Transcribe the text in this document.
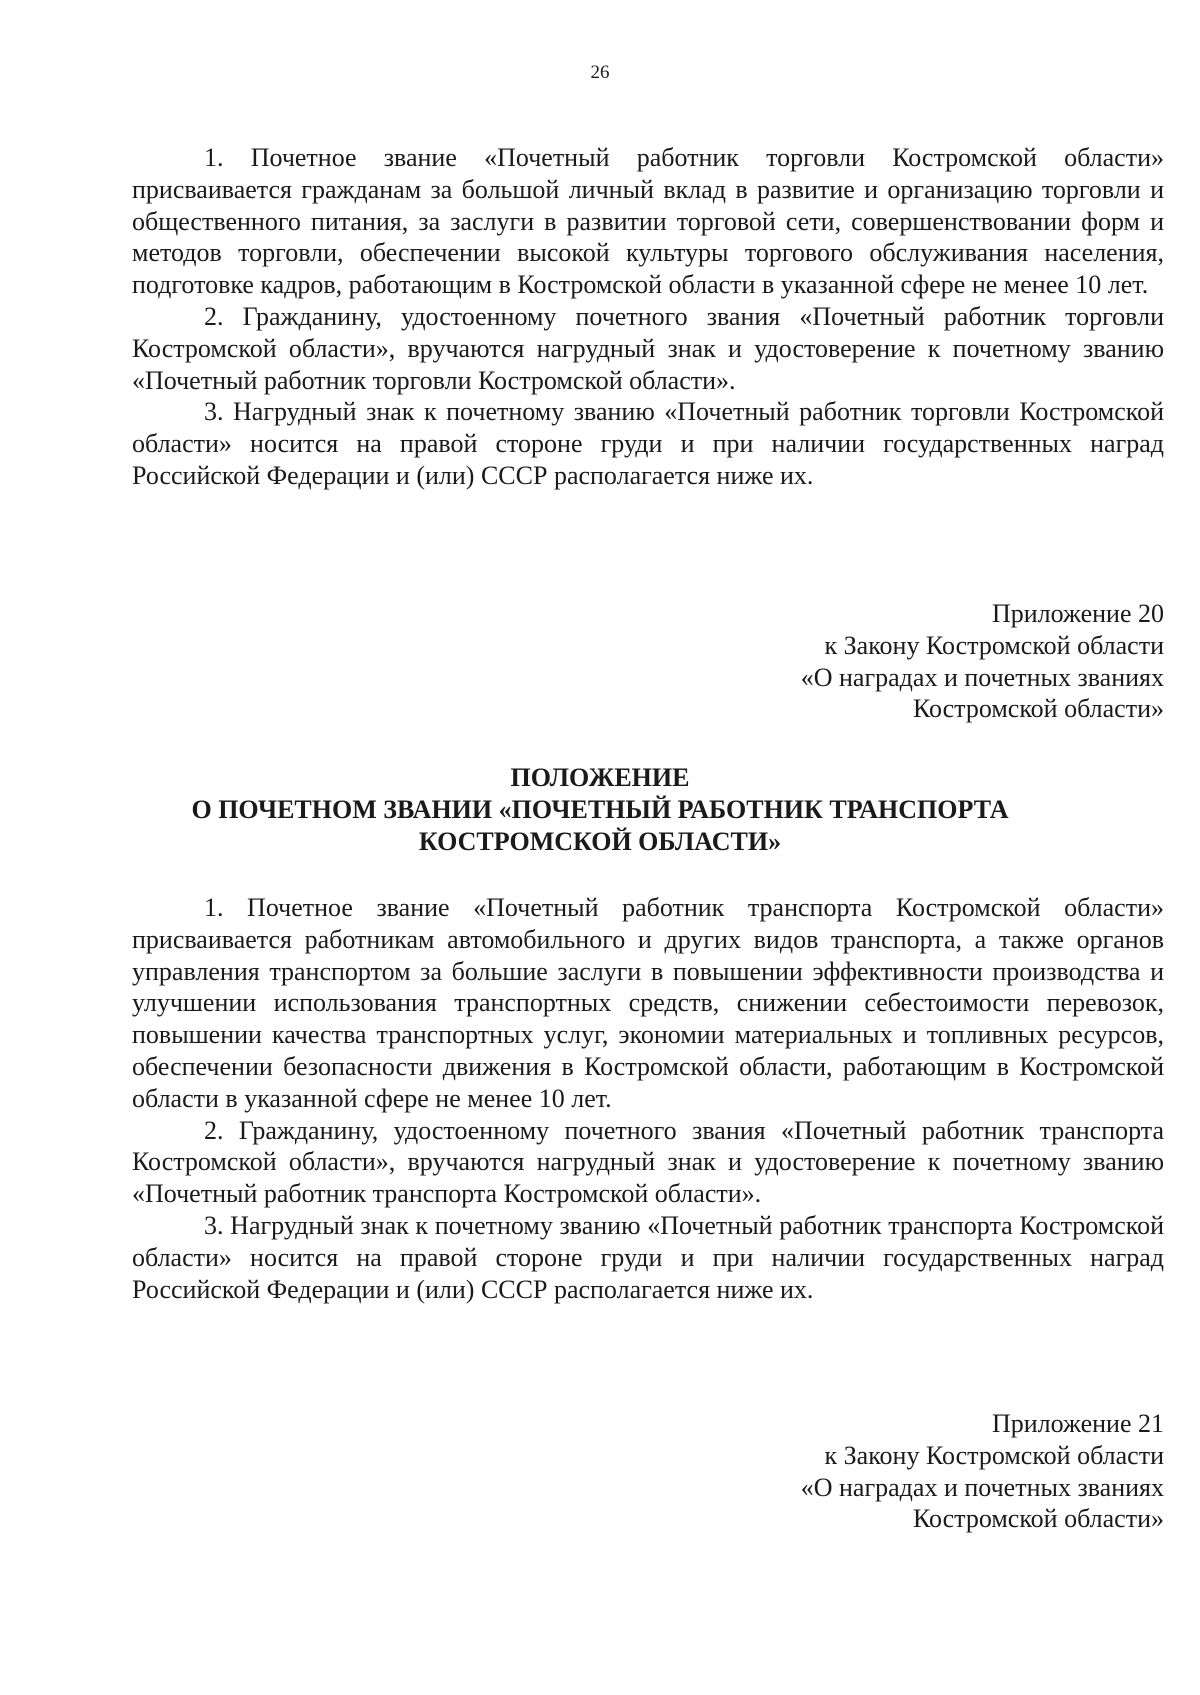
26

1. Почетное звание «Почетный работник торговли Костромской области» присваивается гражданам за большой личный вклад в развитие и организацию торговли и общественного питания, за заслуги в развитии торговой сети, совершенствовании форм и методов торговли, обеспечении высокой культуры торгового обслуживания населения, подготовке кадров, работающим в Костромской области в указанной сфере не менее 10 лет.

2. Гражданину, удостоенному почетного звания «Почетный работник торговли Костромской области», вручаются нагрудный знак и удостоверение к почетному званию «Почетный работник торговли Костромской области».

3. Нагрудный знак к почетному званию «Почетный работник торговли Костромской области» носится на правой стороне груди и при наличии государственных наград Российской Федерации и (или) СССР располагается ниже их.

Приложение 20
к Закону Костромской области
«О наградах и почетных званиях
Костромской области»
ПОЛОЖЕНИЕ
О ПОЧЕТНОМ ЗВАНИИ «ПОЧЕТНЫЙ РАБОТНИК ТРАНСПОРТА
КОСТРОМСКОЙ ОБЛАСТИ»

1. Почетное звание «Почетный работник транспорта Костромской области» присваивается работникам автомобильного и других видов транспорта, а также органов управления транспортом за большие заслуги в повышении эффективности производства и улучшении использования транспортных средств, снижении себестоимости перевозок, повышении качества транспортных услуг, экономии материальных и топливных ресурсов, обеспечении безопасности движения в Костромской области, работающим в Костромской области в указанной сфере не менее 10 лет.

2. Гражданину, удостоенному почетного звания «Почетный работник транспорта Костромской области», вручаются нагрудный знак и удостоверение к почетному званию «Почетный работник транспорта Костромской области».

3. Нагрудный знак к почетному званию «Почетный работник транспорта Костромской области» носится на правой стороне груди и при наличии государственных наград Российской Федерации и (или) СССР располагается ниже их.

Приложение 21
к Закону Костромской области
«О наградах и почетных званиях
Костромской области»
